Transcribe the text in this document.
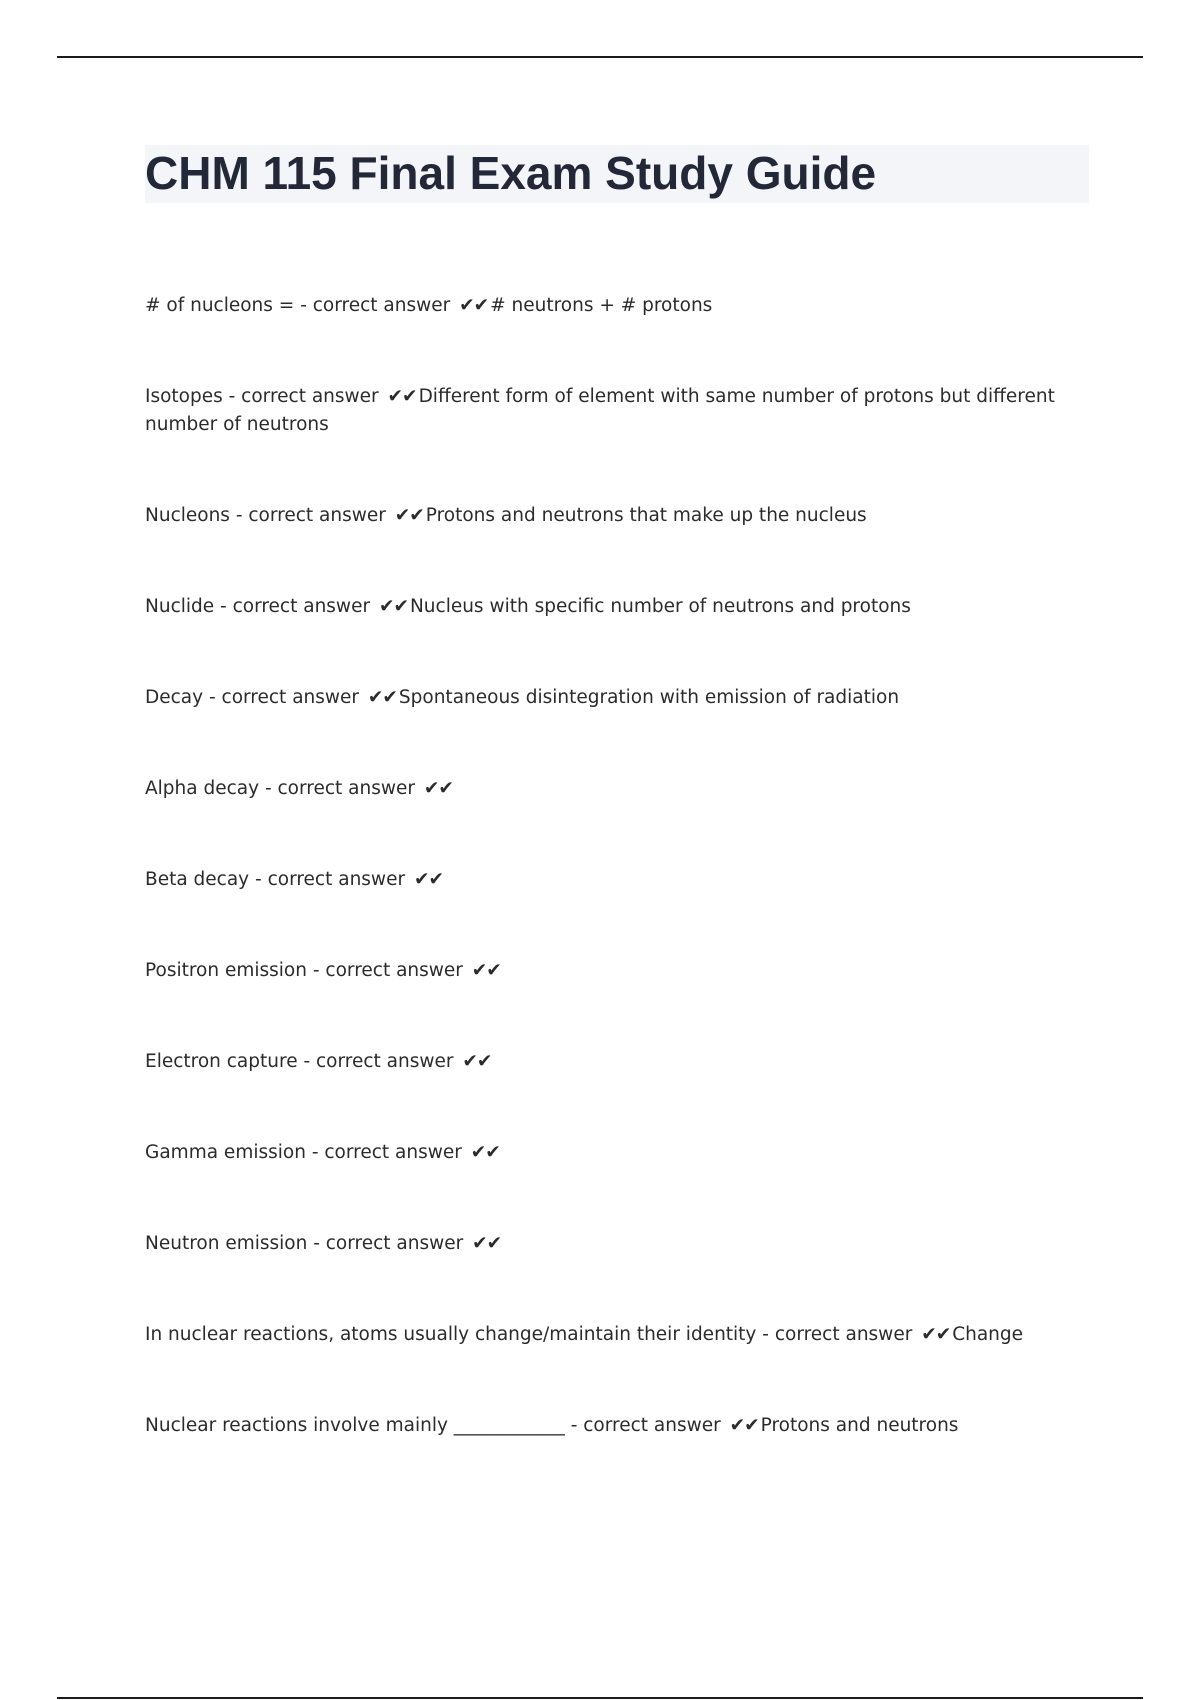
CHM 115 Final Exam Study Guide
# of nucleons = - correct answer ✔✔ # neutrons + # protons
Isotopes - correct answer ✔✔ Different form of element with same number of protons but different number of neutrons
Nucleons - correct answer ✔✔ Protons and neutrons that make up the nucleus
Nuclide - correct answer ✔✔ Nucleus with specific number of neutrons and protons
Decay - correct answer ✔✔ Spontaneous disintegration with emission of radiation
Alpha decay - correct answer ✔✔
Beta decay - correct answer ✔✔
Positron emission - correct answer ✔✔
Electron capture - correct answer ✔✔
Gamma emission - correct answer ✔✔
Neutron emission - correct answer ✔✔
In nuclear reactions, atoms usually change/maintain their identity - correct answer ✔✔ Change
Nuclear reactions involve mainly ____________ - correct answer ✔✔ Protons and neutrons
